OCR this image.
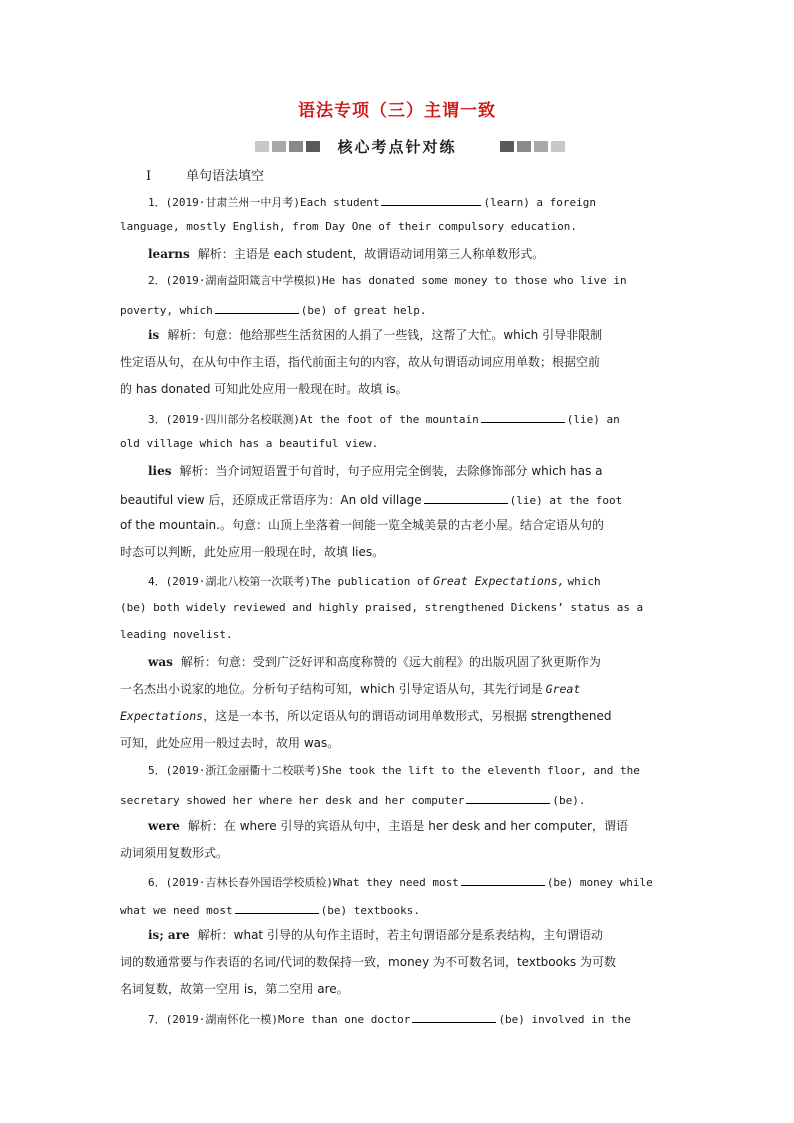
语法专项（三）主谓一致
核心考点针对练
Ⅰ	单句语法填空
1．(2019·甘肃兰州一中月考)Each student	(learn) a foreign
language, mostly English, from Day One of their compulsory education.
learns 解析：主语是 each student，故谓语动词用第三人称单数形式。
2．(2019·湖南益阳箴言中学模拟)He has donated some money to those who live in
poverty, which	(be) of great help.
is 解析：句意：他给那些生活贫困的人捐了一些钱，这帮了大忙。which 引导非限制
性定语从句，在从句中作主语，指代前面主句的内容，故从句谓语动词应用单数；根据空前
的 has donated 可知此处应用一般现在时。故填 is。
3．(2019·四川部分名校联测)At the foot of the mountain	(lie) an
old village which has a beautiful view.
lies 解析：当介词短语置于句首时，句子应用完全倒装，去除修饰部分 which has a
beautiful view 后，还原成正常语序为：An old village	(lie) at the foot
of the mountain.。句意：山顶上坐落着一间能一览全城美景的古老小屋。结合定语从句的
时态可以判断，此处应用一般现在时，故填 lies。
4．(2019·湖北八校第一次联考)The publication of Great Expectations, which
(be) both widely reviewed and highly praised, strengthened Dickens’ status as a
leading novelist.
was 解析：句意：受到广泛好评和高度称赞的《远大前程》的出版巩固了狄更斯作为
一名杰出小说家的地位。分析句子结构可知，which 引导定语从句，其先行词是 Great
Expectations，这是一本书，所以定语从句的谓语动词用单数形式，另根据 strengthened
可知，此处应用一般过去时，故用 was。
5．(2019·浙江金丽衢十二校联考)She took the lift to the eleventh floor, and the
secretary showed her where her desk and her computer	(be).
were 解析：在 where 引导的宾语从句中，主语是 her desk and her computer，谓语
动词须用复数形式。
6．(2019·吉林长春外国语学校质检)What they need most	(be) money while
what we need most	(be) textbooks.
is; are 解析：what 引导的从句作主语时，若主句谓语部分是系表结构，主句谓语动
词的数通常要与作表语的名词/代词的数保持一致，money 为不可数名词，textbooks 为可数
名词复数，故第一空用 is，第二空用 are。
7．(2019·湖南怀化一模)More than one doctor	(be) involved in the
